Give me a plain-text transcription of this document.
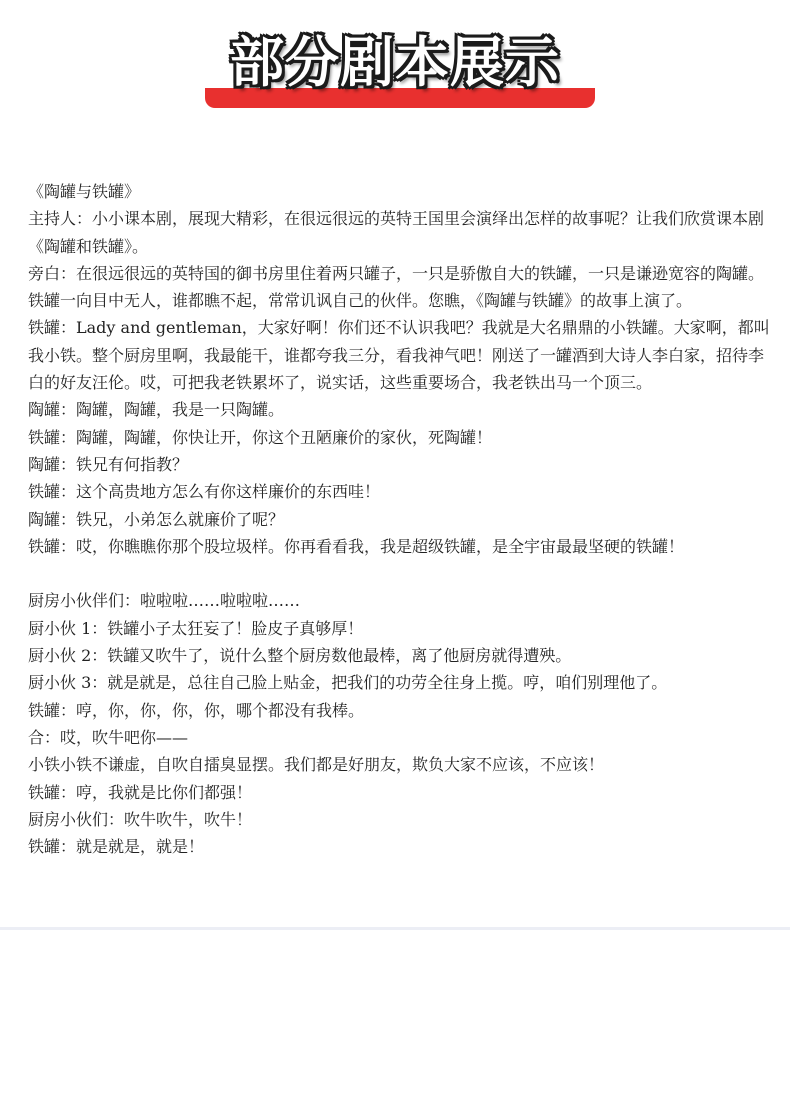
部分剧本展示

《陶罐与铁罐》

主持人：小小课本剧，展现大精彩，在很远很远的英特王国里会演绎出怎样的故事呢？让我们欣赏课本剧《陶罐和铁罐》。

旁白：在很远很远的英特国的御书房里住着两只罐子，一只是骄傲自大的铁罐，一只是谦逊宽容的陶罐。铁罐一向目中无人，谁都瞧不起，常常讥讽自己的伙伴。您瞧，《陶罐与铁罐》的故事上演了。

铁罐：Lady and gentleman，大家好啊！你们还不认识我吧？我就是大名鼎鼎的小铁罐。大家啊，都叫我小铁。整个厨房里啊，我最能干，谁都夸我三分，看我神气吧！刚送了一罐酒到大诗人李白家，招待李白的好友汪伦。哎，可把我老铁累坏了，说实话，这些重要场合，我老铁出马一个顶三。

陶罐：陶罐，陶罐，我是一只陶罐。

铁罐：陶罐，陶罐，你快让开，你这个丑陋廉价的家伙，死陶罐！

陶罐：铁兄有何指教？

铁罐：这个高贵地方怎么有你这样廉价的东西哇！

陶罐：铁兄，小弟怎么就廉价了呢？

铁罐：哎，你瞧瞧你那个股垃圾样。你再看看我，我是超级铁罐，是全宇宙最最坚硬的铁罐！

厨房小伙伴们：啦啦啦……啦啦啦……

厨小伙 1：铁罐小子太狂妄了！脸皮子真够厚！

厨小伙 2：铁罐又吹牛了，说什么整个厨房数他最棒，离了他厨房就得遭殃。

厨小伙 3：就是就是，总往自己脸上贴金，把我们的功劳全往身上揽。哼，咱们别理他了。

铁罐：哼，你，你，你，你，哪个都没有我棒。

合：哎，吹牛吧你——

小铁小铁不谦虚，自吹自擂臭显摆。我们都是好朋友，欺负大家不应该，不应该！

铁罐：哼，我就是比你们都强！

厨房小伙们：吹牛吹牛，吹牛！

铁罐：就是就是，就是！
